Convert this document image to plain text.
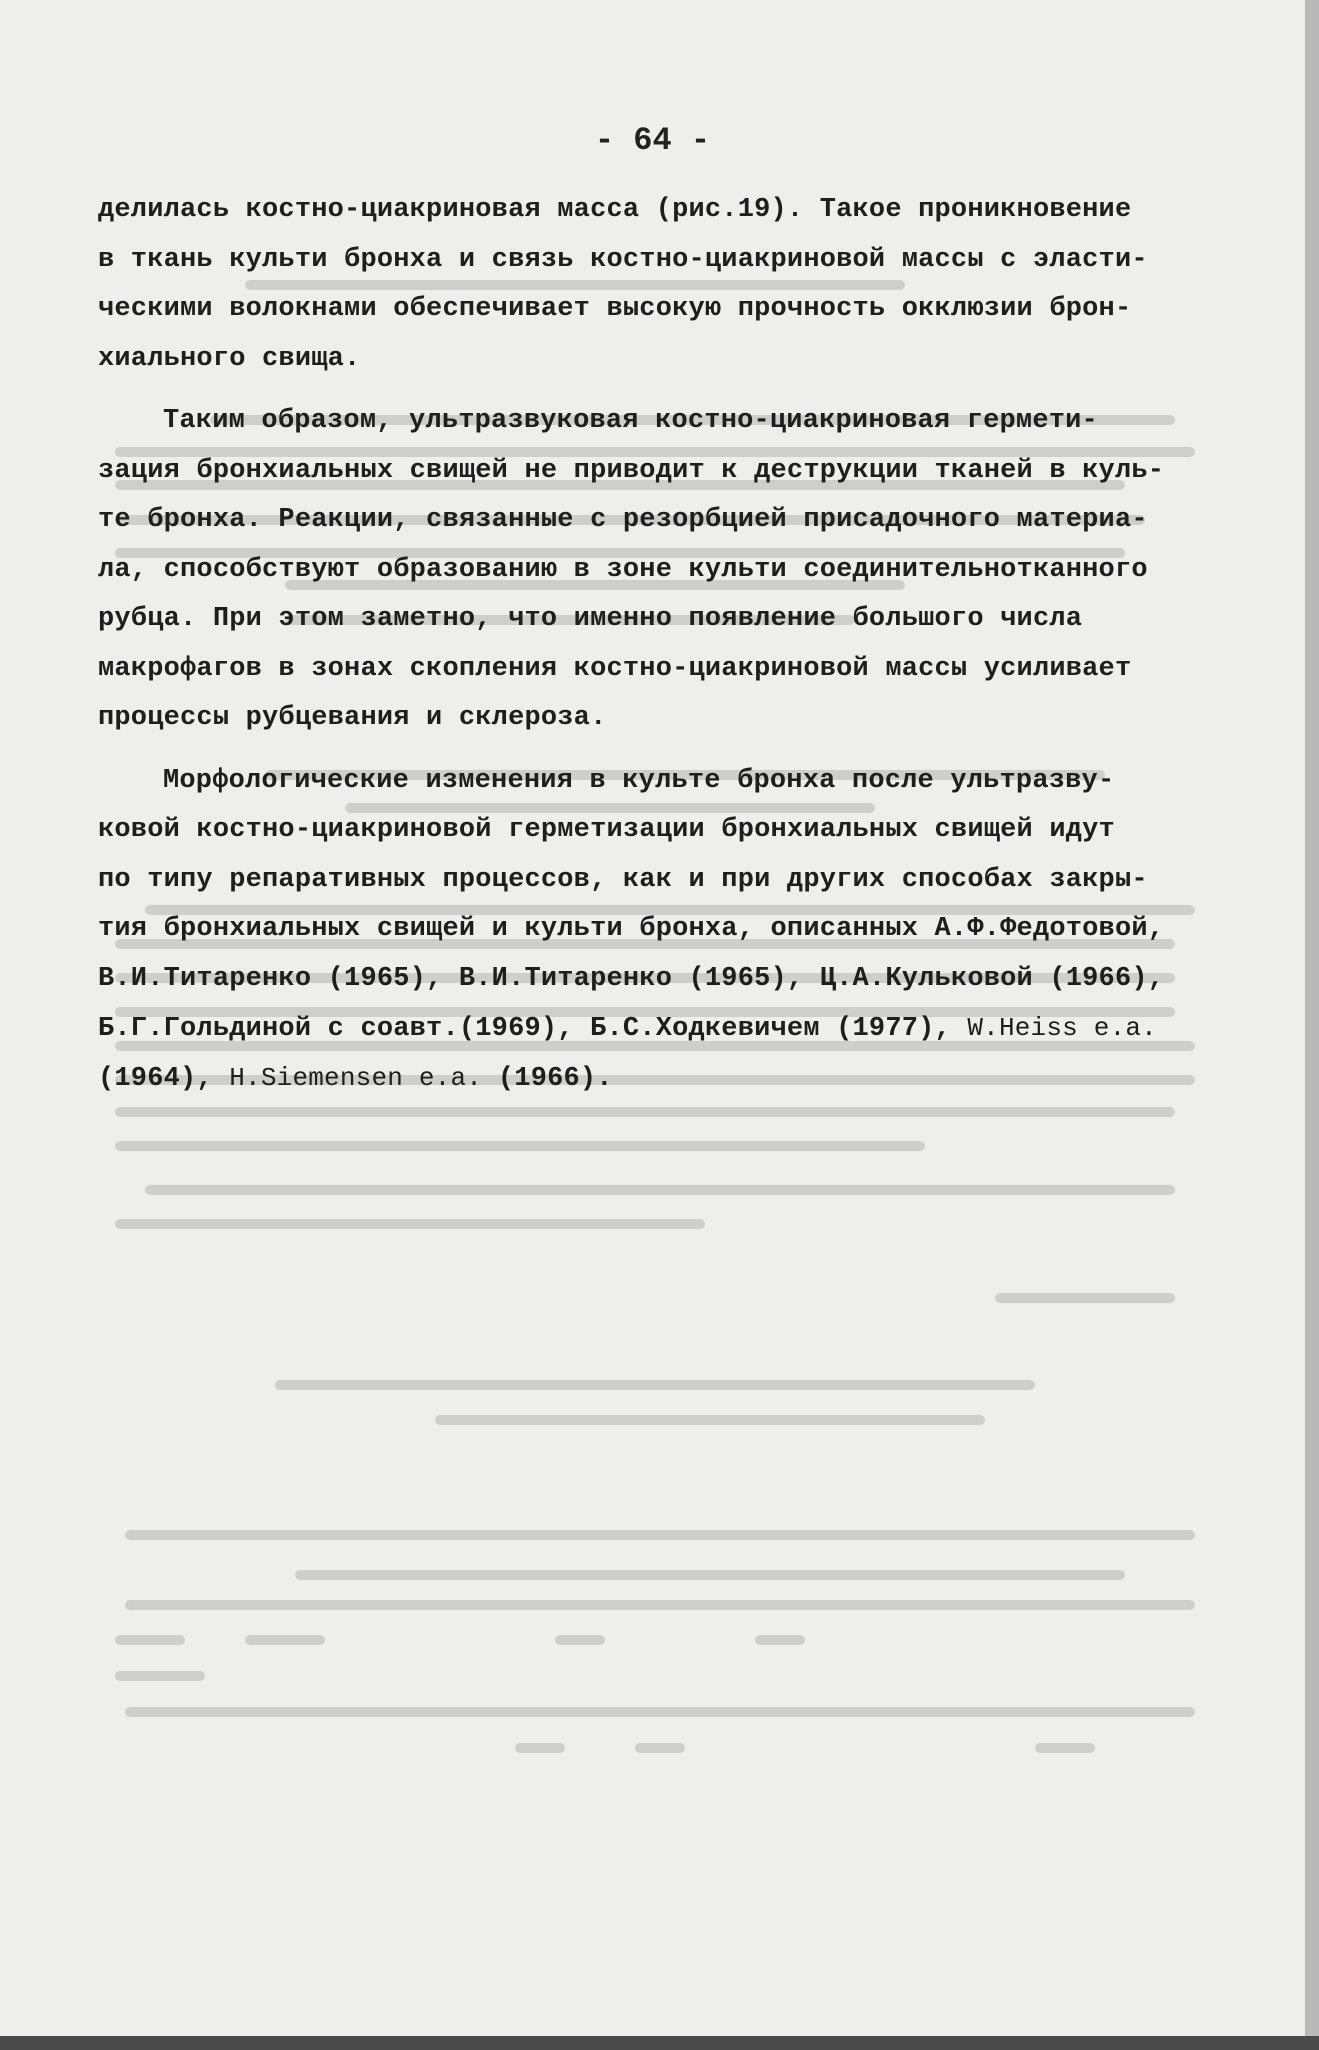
- 64 -
делилась костно-циакриновая масса (рис.19). Такое проникновение
в ткань культи бронха и связь костно-циакриновой массы с эласти-
ческими волокнами обеспечивает высокую прочность окклюзии брон-
хиального свища.
Таким образом, ультразвуковая костно-циакриновая гермети-
зация бронхиальных свищей не приводит к деструкции тканей в куль-
те бронха. Реакции, связанные с резорбцией присадочного материа-
ла, способствуют образованию в зоне культи соединительнотканного
рубца. При этом заметно, что именно появление большого числа
макрофагов в зонах скопления костно-циакриновой массы усиливает
процессы рубцевания и склероза.
Морфологические изменения в культе бронха после ультразву-
ковой костно-циакриновой герметизации бронхиальных свищей идут
по типу репаративных процессов, как и при других способах закры-
тия бронхиальных свищей и культи бронха, описанных А.Ф.Федотовой,
В.И.Титаренко (1965), В.И.Титаренко (1965), Ц.А.Кульковой (1966),
Б.Г.Гольдиной с соавт.(1969), Б.С.Ходкевичем (1977), W.Heiss e.a.
(1964), H.Siemensen e.a. (1966).
